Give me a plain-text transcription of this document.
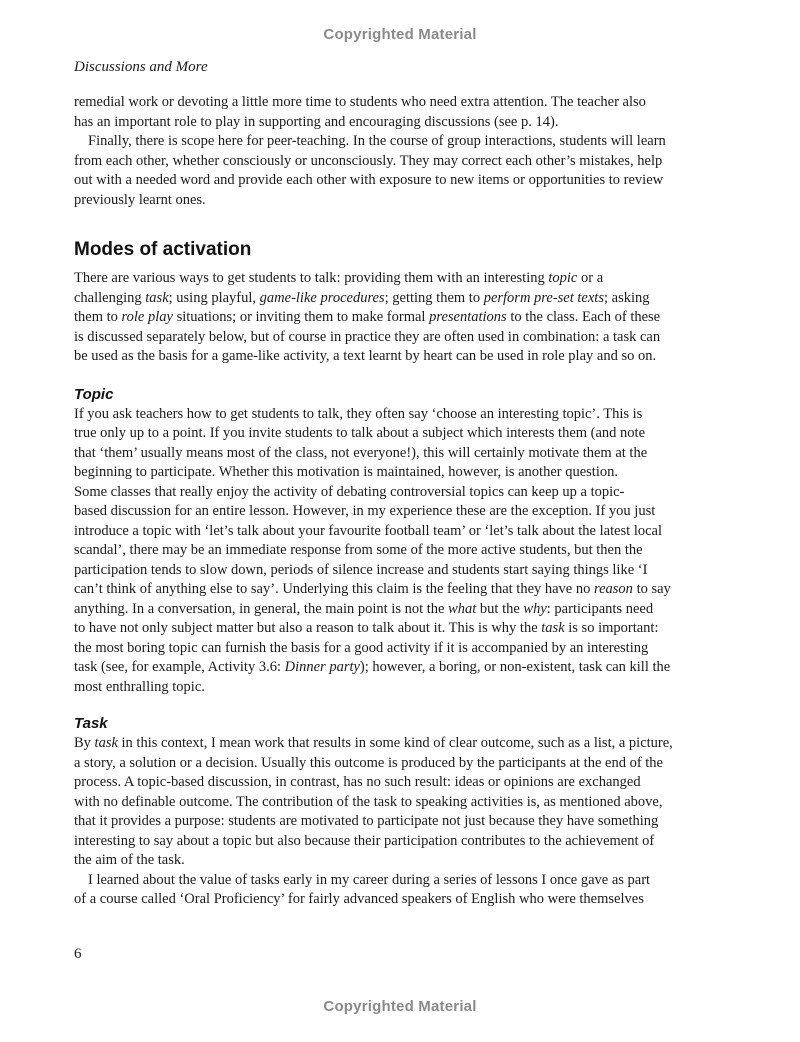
Copyrighted Material
Discussions and More

remedial work or devoting a little more time to students who need extra attention. The teacher also

has an important role to play in supporting and encouraging discussions (see p. 14).

Finally, there is scope here for peer-teaching. In the course of group interactions, students will learn

from each other, whether consciously or unconsciously. They may correct each other’s mistakes, help

out with a needed word and provide each other with exposure to new items or opportunities to review

previously learnt ones.

Modes of activation

There are various ways to get students to talk: providing them with an interesting topic or a

challenging task; using playful, game-like procedures; getting them to perform pre-set texts; asking

them to role play situations; or inviting them to make formal presentations to the class. Each of these

is discussed separately below, but of course in practice they are often used in combination: a task can

be used as the basis for a game-like activity, a text learnt by heart can be used in role play and so on.

Topic

If you ask teachers how to get students to talk, they often say ‘choose an interesting topic’. This is

true only up to a point. If you invite students to talk about a subject which interests them (and note

that ‘them’ usually means most of the class, not everyone!), this will certainly motivate them at the

beginning to participate. Whether this motivation is maintained, however, is another question.

Some classes that really enjoy the activity of debating controversial topics can keep up a topic-

based discussion for an entire lesson. However, in my experience these are the exception. If you just

introduce a topic with ‘let’s talk about your favourite football team’ or ‘let’s talk about the latest local

scandal’, there may be an immediate response from some of the more active students, but then the

participation tends to slow down, periods of silence increase and students start saying things like ‘I

can’t think of anything else to say’. Underlying this claim is the feeling that they have no reason to say

anything. In a conversation, in general, the main point is not the what but the why: participants need

to have not only subject matter but also a reason to talk about it. This is why the task is so important:

the most boring topic can furnish the basis for a good activity if it is accompanied by an interesting

task (see, for example, Activity 3.6: Dinner party); however, a boring, or non-existent, task can kill the

most enthralling topic.

Task

By task in this context, I mean work that results in some kind of clear outcome, such as a list, a picture,

a story, a solution or a decision. Usually this outcome is produced by the participants at the end of the

process. A topic-based discussion, in contrast, has no such result: ideas or opinions are exchanged

with no definable outcome. The contribution of the task to speaking activities is, as mentioned above,

that it provides a purpose: students are motivated to participate not just because they have something

interesting to say about a topic but also because their participation contributes to the achievement of

the aim of the task.

I learned about the value of tasks early in my career during a series of lessons I once gave as part

of a course called ‘Oral Proficiency’ for fairly advanced speakers of English who were themselves

6
Copyrighted Material
